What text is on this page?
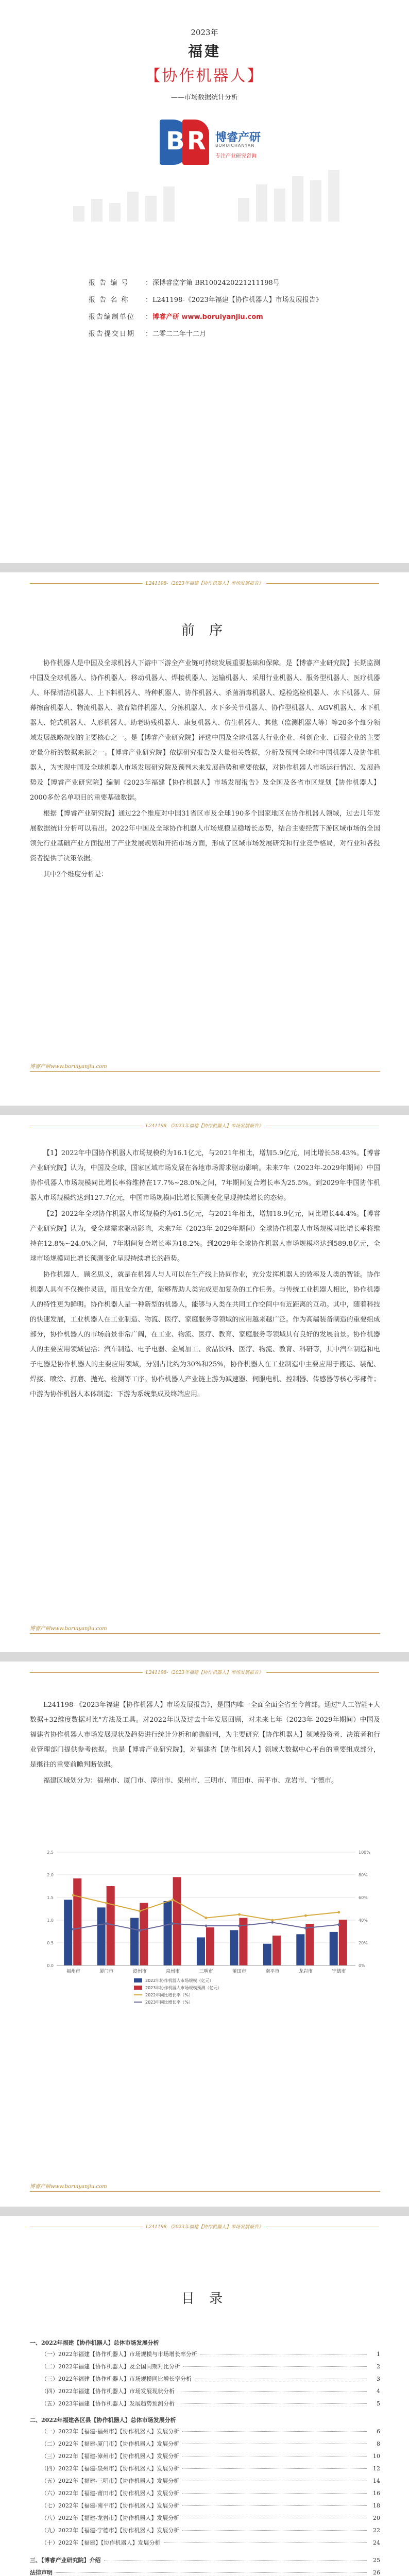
2023年
福建
【协作机器人】
——市场数据统计分析
BR 博睿产研
BORUICHANYAN
专注产业研究咨询
报 告 编 号	： 深博睿监字第 BR1002420221211198号
报 告 名 称	： L241198-《2023年福建【协作机器人】市场发展报告》
报告编制单位	： 博睿产研 www.boruiyanjiu.com
报告提交日期	： 二零二二年十二月
L241198-《2023年福建【协作机器人】市场发展报告》
前 序

协作机器人是中国及全球机器人下游中下游全产业链可持续发展重要基础和保障。是【博睿产业研究院】长期监测中国及全球机器人、协作机器人、移动机器人、焊接机器人、运输机器人、采用行业机器人、服务型机器人、医疗机器人、环保清洁机器人、上下料机器人、特种机器人、协作机器人、杀菌消毒机器人、巡检巡检机器人、水下机器人、屏幕擦窗机器人、物流机器人、教育陪伴机器人、分拣机器人、水下多关节机器人、协作型机器人、AGV机器人、水下机器人、轮式机器人、人形机器人、助老助残机器人、康复机器人、仿生机器人、其他（监测机器人等）等20多个细分领域发展战略规划的主要核心之一。是【博睿产业研究院】评选中国及全球机器人行业企业、科创企业、百强企业的主要定量分析的数据来源之一。【博睿产业研究院】依据研究报告及大量相关数据，分析及预判全球和中国机器人及协作机器人，为实现中国及全球机器人市场发展研究院及预判未来发展趋势和重要依据，对协作机器人市场运行情况、发展趋势及【博睿产业研究院】编制《2023年福建【协作机器人】市场发展报告》及全国及各省市区规划【协作机器人】2000多份名单项目的重要基础数据。

根据【博睿产业研究院】通过22个维度对中国31省区市及全球190多个国家地区在协作机器人领域，过去几年发展数据统计分析可以看出。2022年中国及全球协作机器人市场规模呈稳增长态势，结合主要经营下游区域市场的全国领先行业基础产业方面提出了产业发展规划和开拓市场方面，形成了区域市场发展研究和行业竞争格局，对行业和各投资者提供了决策依据。

其中2个维度分析是：

博睿产研www.boruiyanjiu.com
L241198-《2023年福建【协作机器人】市场发展报告》

【1】2022年中国协作机器人市场规模约为16.1亿元，与2021年相比，增加5.9亿元，同比增长58.43%。【博睿产业研究院】认为，中国及全球，国家区域市场发展在各地市场需求驱动影响。未来7年（2023年-2029年期间）中国协作机器人市场规模同比增长率将维持在17.7%~28.0%之间，7年期间复合增长率为25.5%。到2029年中国协作机器人市场规模约达到127.7亿元，中国市场规模同比增长预测变化呈现持续增长的态势。

【2】2022年全球协作机器人市场规模约为61.5亿元，与2021年相比，增加18.9亿元，同比增长44.4%。【博睿产业研究院】认为，受全球需求驱动影响，未来7年（2023年-2029年期间）全球协作机器人市场规模同比增长率将维持在12.8%~24.0%之间，7年期间复合增长率为18.2%。到2029年全球协作机器人市场规模将达到589.8亿元，全球市场规模同比增长预测变化呈现持续增长的趋势。

协作机器人，顾名思义，就是在机器人与人可以在生产线上协同作业，充分发挥机器人的效率及人类的智能。协作机器人具有不仅操作灵活，而且安全方便，能够帮助人类完成更加复杂的工作任务。与传统工业机器人相比，协作机器人的特性更为鲜明。协作机器人是一种新型的机器人，能够与人类在共同工作空间中有近距离的互动。其中，随着科技的快速发展，工业机器人在工业制造、物流、医疗、家庭服务等领域的应用越来越广泛。作为高端装备制造的重要组成部分，协作机器人的市场前景非常广阔，在工业、物流、医疗、教育、家庭服务等领域具有良好的发展前景。协作机器人的主要应用领域包括：汽车制造、电子电器、金属加工、食品饮料、医疗、物流、教育、科研等，其中汽车制造和电子电器是协作机器人的主要应用领域，分别占比约为30%和25%，协作机器人在工业制造中主要应用于搬运、装配、焊接、喷涂、打磨、抛光、检测等工序。协作机器人产业链上游为减速器、伺服电机、控制器、传感器等核心零部件；中游为协作机器人本体制造；下游为系统集成及终端应用。

博睿产研www.boruiyanjiu.com
L241198-《2023年福建【协作机器人】市场发展报告》

L241198-《2023年福建【协作机器人】市场发展报告》，是国内唯一全面全面全省至今首部。通过"人工智能+大数据+32维度数据对比"方法及工具。对2022年以及过去十年发展回顾，对未来七年（2023年-2029年期间）中国及福建省协作机器人市场发展现状及趋势进行统计分析和前瞻研判，为主要研究【协作机器人】领域投资者、决策者和行业管理部门提供参考依据。也是【博睿产业研究院】，对福建省【协作机器人】领域大数据中心平台的重要组成部分，是继往的重要前瞻判断依据。

福建区域划分为：福州市、厦门市、漳州市、泉州市、三明市、莆田市、南平市、龙岩市、宁德市。

0.0
0.5
1.0
1.5
2.0
2.5
0%
20%
40%
60%
80%
100%
福州市	厦门市	漳州市	泉州市	三明市	莆田市	南平市	龙岩市	宁德市
2022年协作机器人市场规模（亿元）
2023年协作机器人市场规模预测（亿元）
2022年同比增长率（%）
2023年同比增长率（%）
博睿产研www.boruiyanjiu.com
L241198-《2023年福建【协作机器人】市场发展报告》
目 录
一、2022年福建【协作机器人】总体市场发展分析
（一）2022年福建【协作机器人】市场规模与市场增长率分析	1
（二）2022年福建【协作机器人】及全国同期对比分析	2
（三）2022年福建【协作机器人】市场规模同比增长率分析	3
（四）2022年福建【协作机器人】市场发展现状分析	4
（五）2023年福建【协作机器人】发展趋势预测分析	5
二、2022年福建各区县【协作机器人】总体市场发展分析
（一）2022年【福建-福州市】【协作机器人】发展分析	6
（二）2022年【福建-厦门市】【协作机器人】发展分析	8
（三）2022年【福建-漳州市】【协作机器人】发展分析	10
（四）2022年【福建-泉州市】【协作机器人】发展分析	12
（五）2022年【福建-三明市】【协作机器人】发展分析	14
（六）2022年【福建-莆田市】【协作机器人】发展分析	16
（七）2022年【福建-南平市】【协作机器人】发展分析	18
（八）2022年【福建-龙岩市】【协作机器人】发展分析	20
（九）2022年【福建-宁德市】【协作机器人】发展分析	22
（十）2022年【福建】【协作机器人】发展分析	24
三、【博睿产业研究院】介绍	25
法律声明	26
